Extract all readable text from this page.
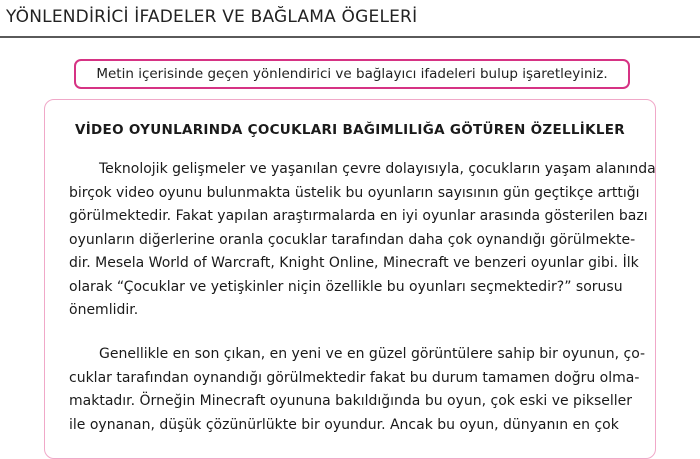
YÖNLENDİRİCİ İFADELER VE BAĞLAMA ÖGELERİ
Metin içerisinde geçen yönlendirici ve bağlayıcı ifadeleri bulup işaretleyiniz.
VİDEO OYUNLARINDA ÇOCUKLARI BAĞIMLILIĞA GÖTÜREN ÖZELLİKLER
Teknolojik gelişmeler ve yaşanılan çevre dolayısıyla, çocukların yaşam alanında
birçok video oyunu bulunmakta üstelik bu oyunların sayısının gün geçtikçe arttığı
görülmektedir. Fakat yapılan araştırmalarda en iyi oyunlar arasında gösterilen bazı
oyunların diğerlerine oranla çocuklar tarafından daha çok oynandığı görülmekte-
dir. Mesela World of Warcraft, Knight Online, Minecraft ve benzeri oyunlar gibi. İlk
olarak “Çocuklar ve yetişkinler niçin özellikle bu oyunları seçmektedir?” sorusu
önemlidir.
Genellikle en son çıkan, en yeni ve en güzel görüntülere sahip bir oyunun, ço-
cuklar tarafından oynandığı görülmektedir fakat bu durum tamamen doğru olma-
maktadır. Örneğin Minecraft oyununa bakıldığında bu oyun, çok eski ve pikseller
ile oynanan, düşük çözünürlükte bir oyundur. Ancak bu oyun, dünyanın en çok
